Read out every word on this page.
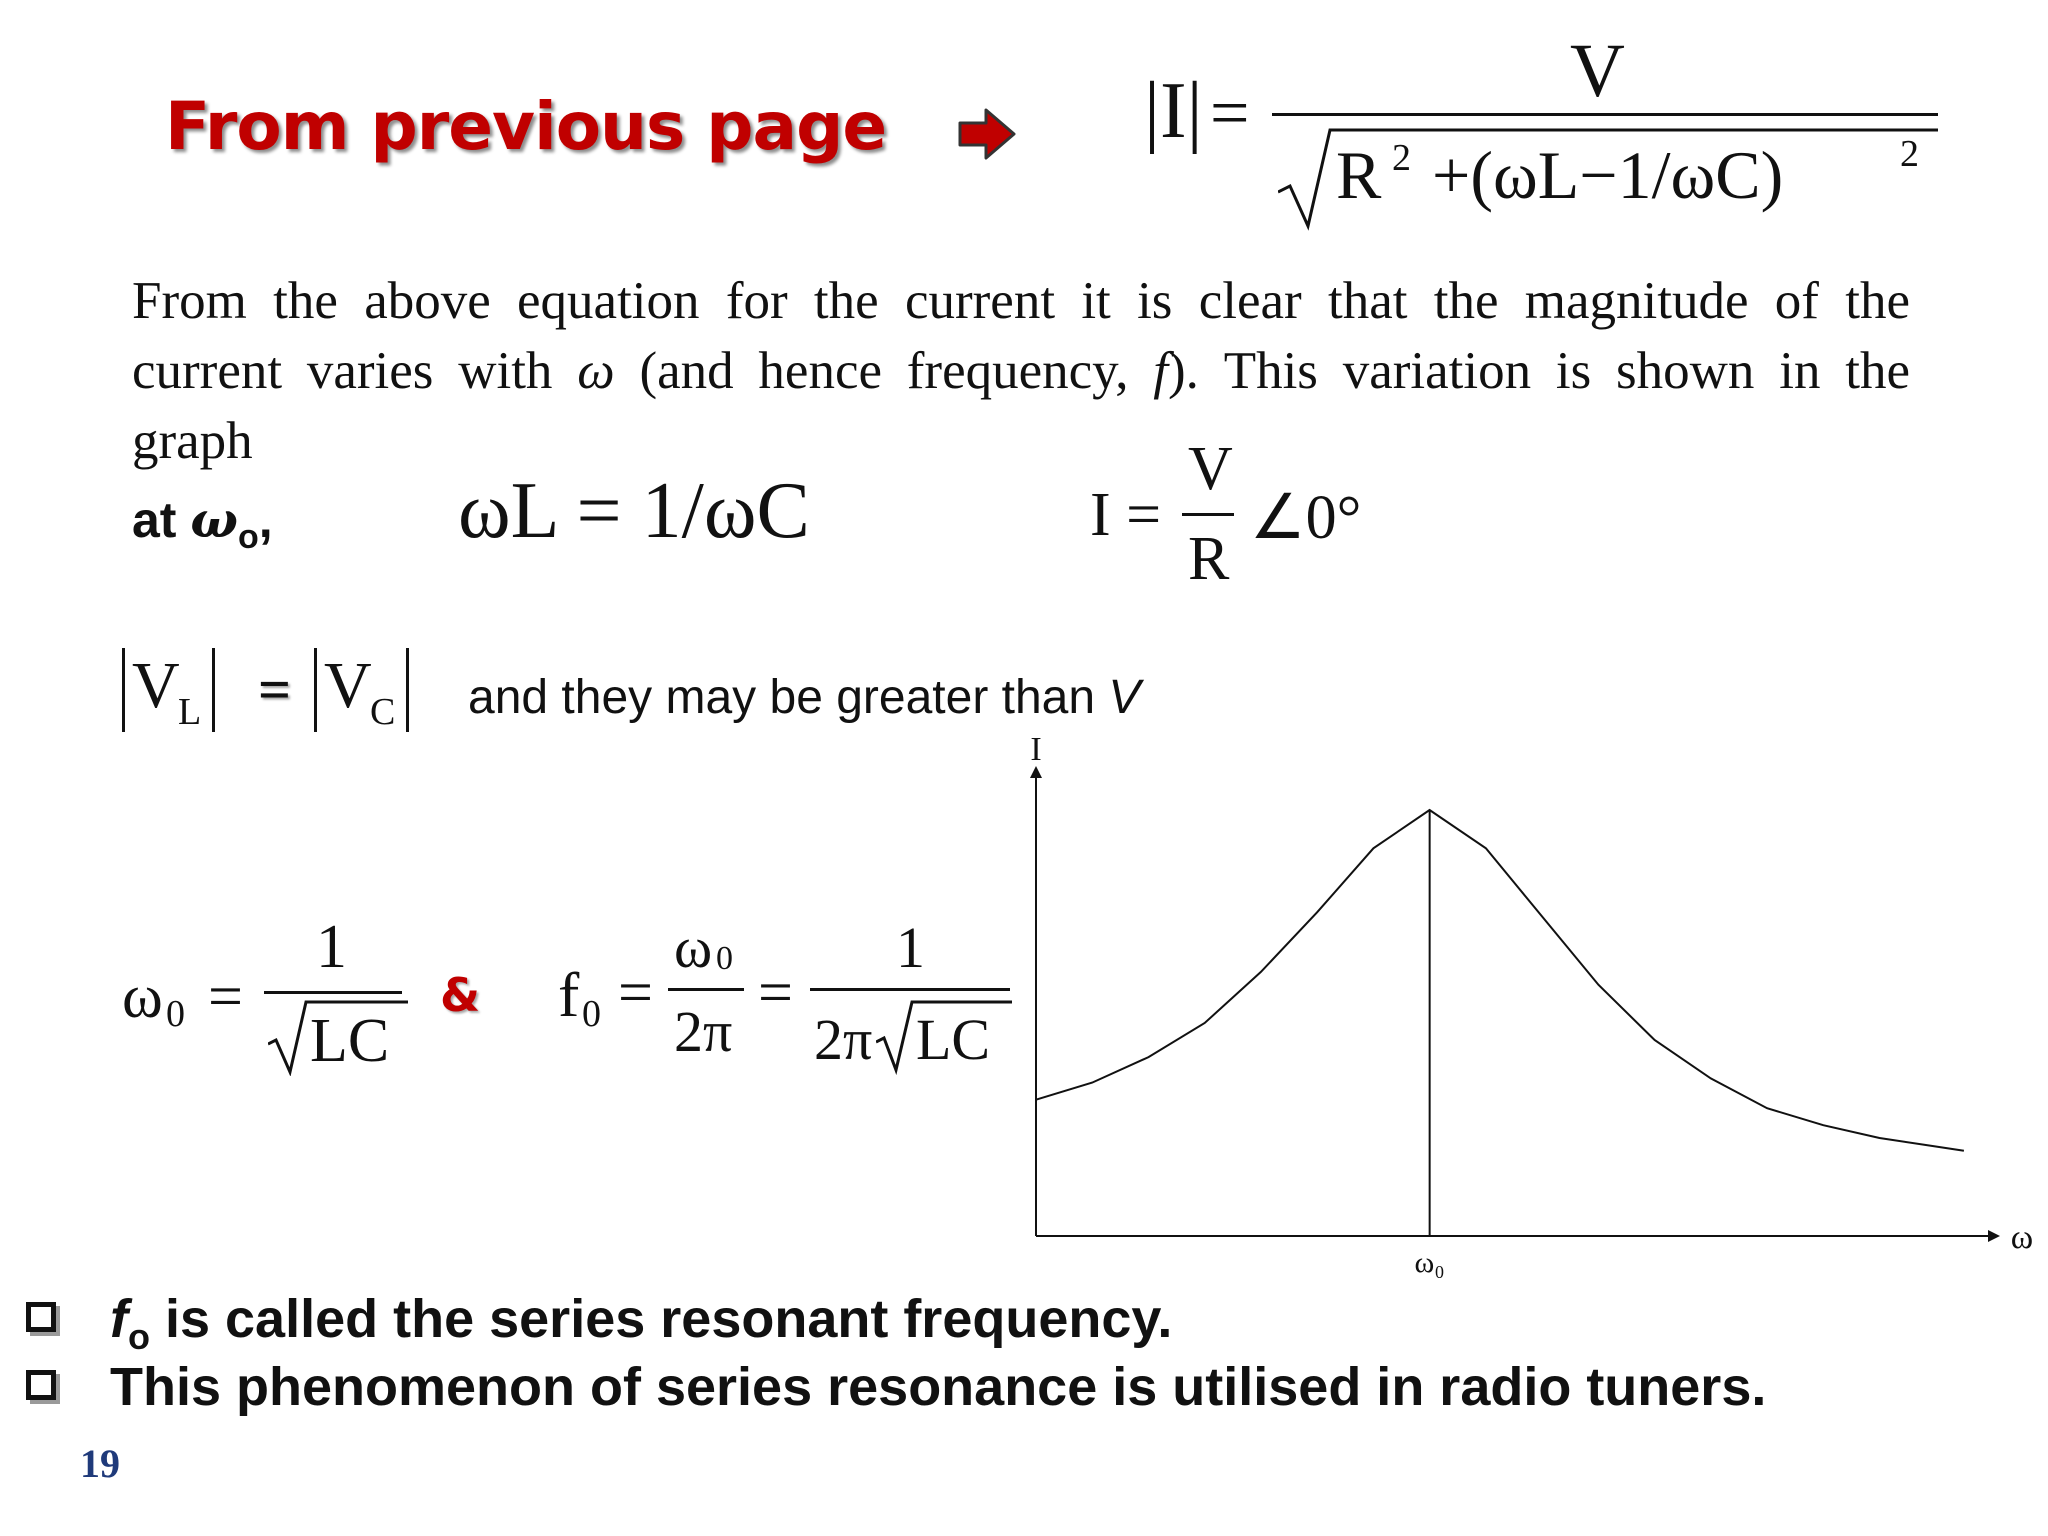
From previous page	|I| =
V
R 2 +(ωL−1/ωC)	2
From the above equation for the current it is clear that the magnitude of the
current varies with ω (and hence frequency, f). This variation is shown in the
graph
at $\omega_o$, ωL = 1/ωC	I =
V
R
∠0°
V
L = V
C and they may be greater than V
ω 0 =
1
LC
& f 0 =
ω 0
2π
=
1
2π LC
I
ω
ω₀
$f_o$ is called the series resonant frequency.
This phenomenon of series resonance is utilised in radio tuners.
19
